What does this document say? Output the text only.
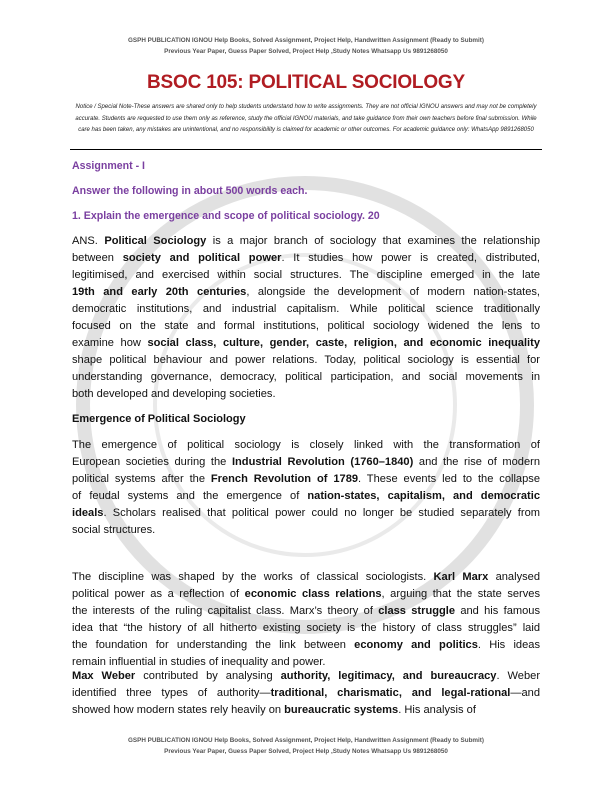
GSPH PUBLICATION IGNOU Help Books, Solved Assignment, Project Help, Handwritten Assignment (Ready to Submit)
Previous Year Paper, Guess Paper Solved, Project Help ,Study Notes Whatsapp Us 9891268050
BSOC 105: POLITICAL SOCIOLOGY
Notice / Special Note-These answers are shared only to help students understand how to write assignments. They are not official IGNOU answers and may not be completely accurate. Students are requested to use them only as reference, study the official IGNOU materials, and take guidance from their own teachers before final submission. While care has been taken, any mistakes are unintentional, and no responsibility is claimed for academic or other outcomes. For academic guidance only: WhatsApp 9891268050
Assignment - I
Answer the following in about 500 words each.
1. Explain the emergence and scope of political sociology. 20
ANS. Political Sociology is a major branch of sociology that examines the relationship
between society and political power. It studies how power is created, distributed,
legitimised, and exercised within social structures. The discipline emerged in the late
19th and early 20th centuries, alongside the development of modern nation-states,
democratic institutions, and industrial capitalism. While political science traditionally
focused on the state and formal institutions, political sociology widened the lens to
examine how social class, culture, gender, caste, religion, and economic inequality
shape political behaviour and power relations. Today, political sociology is essential for
understanding governance, democracy, political participation, and social movements in
both developed and developing societies.
Emergence of Political Sociology
The emergence of political sociology is closely linked with the transformation of
European societies during the Industrial Revolution (1760–1840) and the rise of modern
political systems after the French Revolution of 1789. These events led to the collapse
of feudal systems and the emergence of nation-states, capitalism, and democratic
ideals. Scholars realised that political power could no longer be studied separately from
social structures.
The discipline was shaped by the works of classical sociologists. Karl Marx analysed
political power as a reflection of economic class relations, arguing that the state serves
the interests of the ruling capitalist class. Marx’s theory of class struggle and his famous
idea that “the history of all hitherto existing society is the history of class struggles” laid
the foundation for understanding the link between economy and politics. His ideas
remain influential in studies of inequality and power.
Max Weber contributed by analysing authority, legitimacy, and bureaucracy. Weber
identified three types of authority—traditional, charismatic, and legal-rational—and
showed how modern states rely heavily on bureaucratic systems. His analysis of
GSPH PUBLICATION IGNOU Help Books, Solved Assignment, Project Help, Handwritten Assignment (Ready to Submit)
Previous Year Paper, Guess Paper Solved, Project Help ,Study Notes Whatsapp Us 9891268050
